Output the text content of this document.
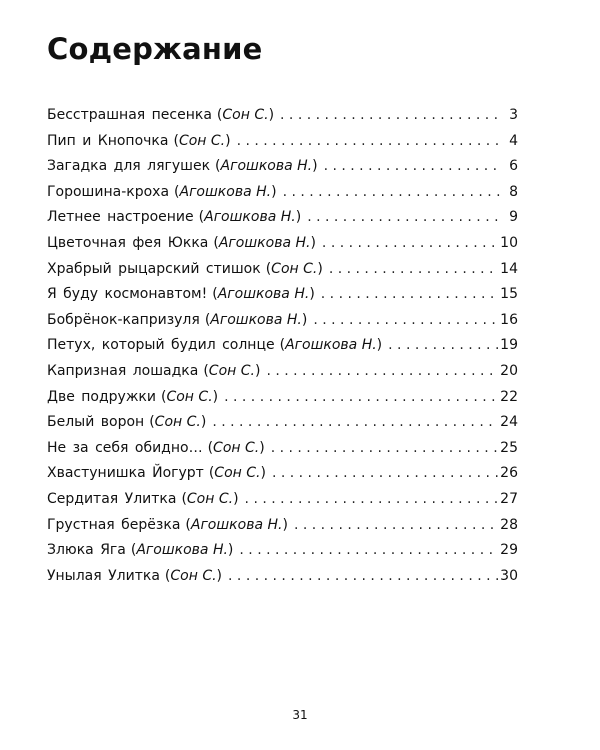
Содержание
Бесстрашная песенка (Сон С.) . . .	3
Пип и Кнопочка (Сон С.) . . .	4
Загадка для лягушек (Агошкова Н.) . . .	6
Горошина-кроха (Агошкова Н.) . . .	8
Летнее настроение (Агошкова Н.) . . .	9
Цветочная фея Юкка (Агошкова Н.) . . .	10
Храбрый рыцарский стишок (Сон С.) . . .	14
Я буду космонавтом! (Агошкова Н.) . . .	15
Бобрёнок-капризуля (Агошкова Н.) . . .	16
Петух, который будил солнце (Агошкова Н.) . . .	19
Капризная лошадка (Сон С.) . . .	20
Две подружки (Сон С.) . . .	22
Белый ворон (Сон С.) . . .	24
Не за себя обидно… (Сон С.) . . .	25
Хвастунишка Йогурт (Сон С.) . . .	26
Сердитая Улитка (Сон С.) . . .	27
Грустная берёзка (Агошкова Н.) . . .	28
Злюка Яга (Агошкова Н.) . . .	29
Унылая Улитка (Сон С.) . . .	30
31
